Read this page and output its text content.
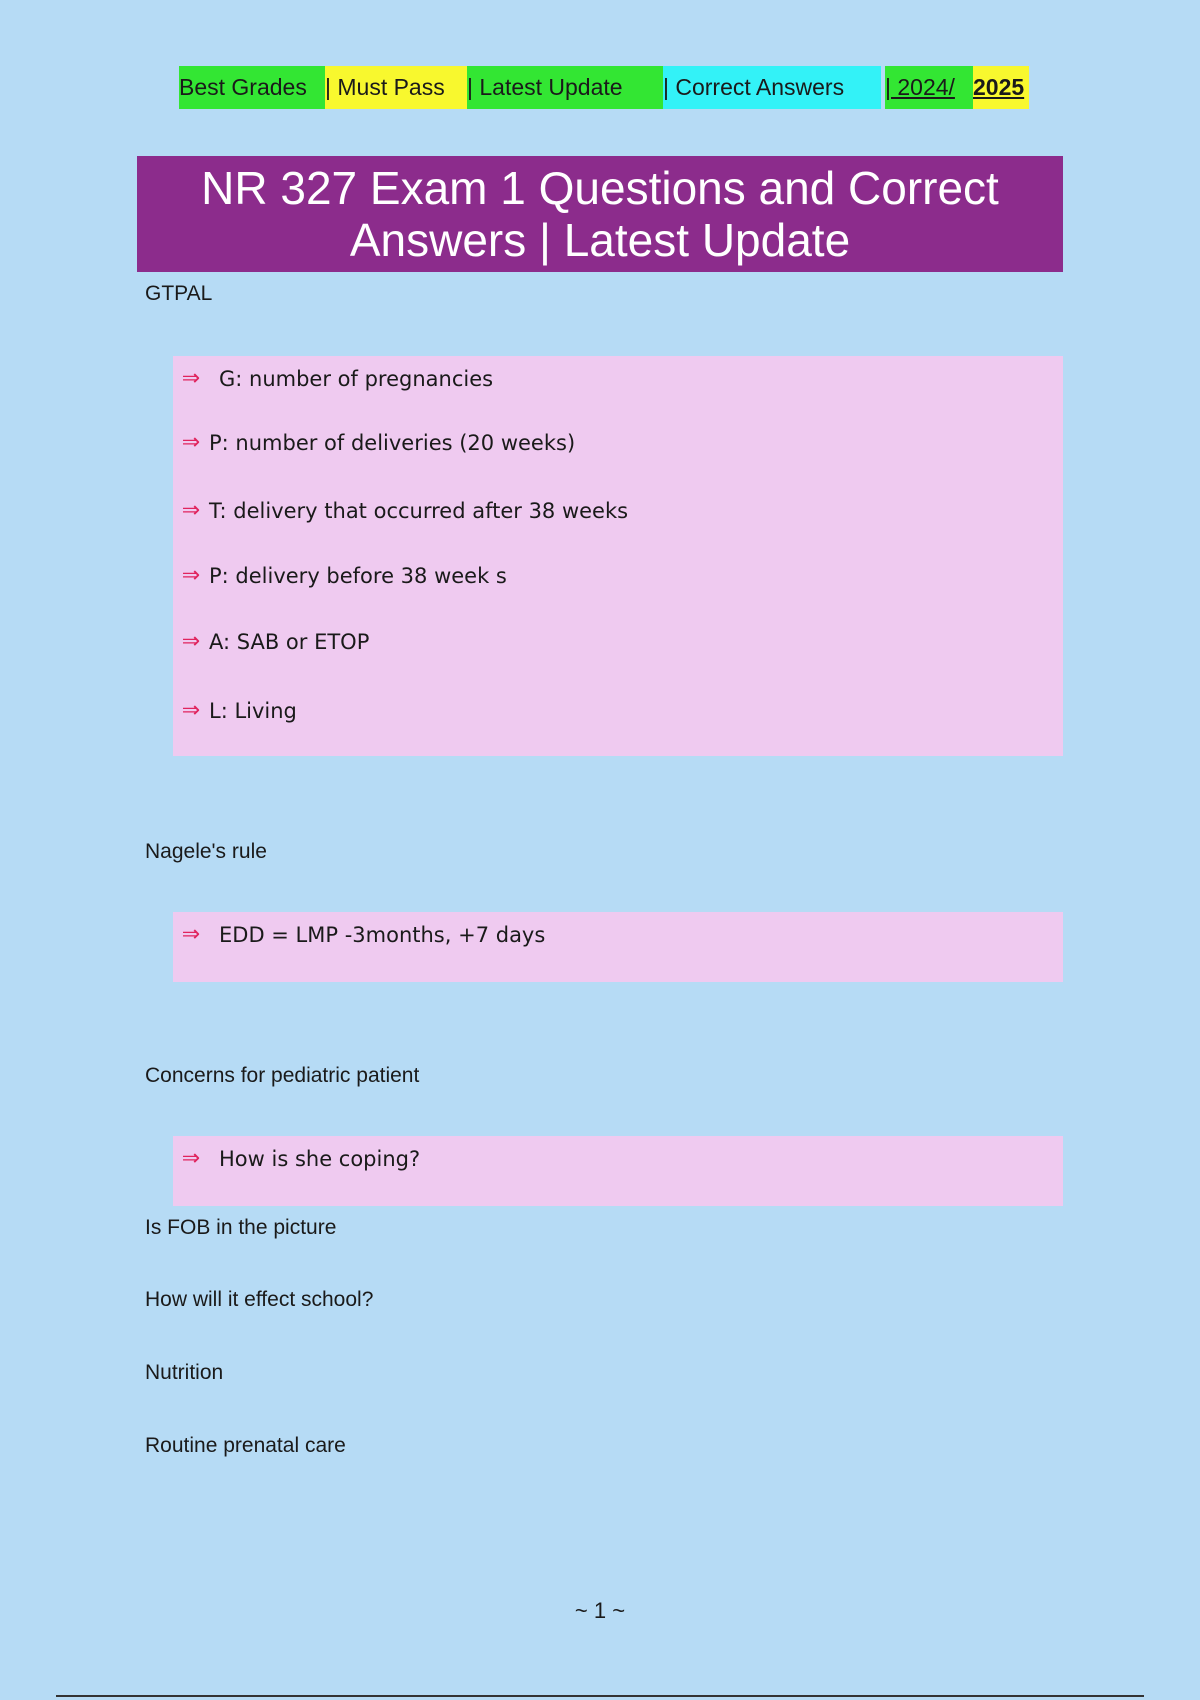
Best Grades | Must Pass | Latest Update	| Correct Answers	| 2024/ 2025
NR 327 Exam 1 Questions and Correct Answers | Latest Update
GTPAL
⇒ G: number of pregnancies
⇒ P: number of deliveries (20 weeks)
⇒ T: delivery that occurred after 38 weeks
⇒ P: delivery before 38 week s
⇒ A: SAB or ETOP
⇒ L: Living
Nagele's rule
⇒ EDD = LMP -3months, +7 days
Concerns for pediatric patient
⇒ How is she coping?
Is FOB in the picture
How will it effect school?
Nutrition
Routine prenatal care
~ 1 ~
